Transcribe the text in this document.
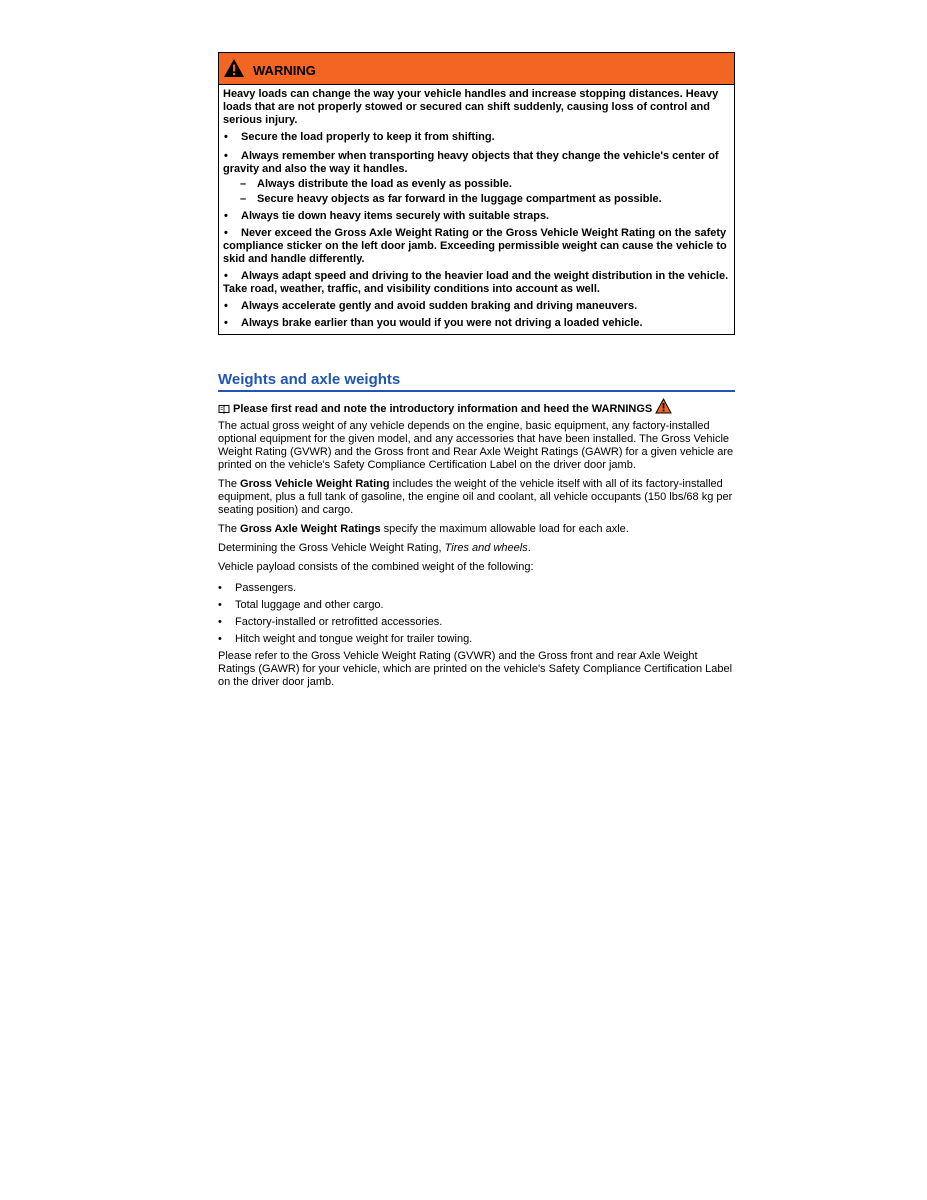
WARNING

Heavy loads can change the way your vehicle handles and increase stopping distances. Heavy loads that are not properly stowed or secured can shift suddenly, causing loss of control and serious injury.

• Secure the load properly to keep it from shifting.

• Always remember when transporting heavy objects that they change the vehicle's center of gravity and also the way it handles.

– Always distribute the load as evenly as possible.

– Secure heavy objects as far forward in the luggage compartment as possible.

• Always tie down heavy items securely with suitable straps.

• Never exceed the Gross Axle Weight Rating or the Gross Vehicle Weight Rating on the safety compliance sticker on the left door jamb. Exceeding permissible weight can cause the vehicle to skid and handle differently.

• Always adapt speed and driving to the heavier load and the weight distribution in the vehicle. Take road, weather, traffic, and visibility conditions into account as well.

• Always accelerate gently and avoid sudden braking and driving maneuvers.

• Always brake earlier than you would if you were not driving a loaded vehicle.

Weights and axle weights
Please first read and note the introductory information and heed the WARNINGS

The actual gross weight of any vehicle depends on the engine, basic equipment, any factory-installed optional equipment for the given model, and any accessories that have been installed. The Gross Vehicle Weight Rating (GVWR) and the Gross front and Rear Axle Weight Ratings (GAWR) for a given vehicle are printed on the vehicle's Safety Compliance Certification Label on the driver door jamb.

The Gross Vehicle Weight Rating includes the weight of the vehicle itself with all of its factory-installed equipment, plus a full tank of gasoline, the engine oil and coolant, all vehicle occupants (150 lbs/68 kg per seating position) and cargo.

The Gross Axle Weight Ratings specify the maximum allowable load for each axle.

Determining the Gross Vehicle Weight Rating, Tires and wheels.

Vehicle payload consists of the combined weight of the following:

•	Passengers.
•	Total luggage and other cargo.
•	Factory-installed or retrofitted accessories.
•	Hitch weight and tongue weight for trailer towing.

Please refer to the Gross Vehicle Weight Rating (GVWR) and the Gross front and rear Axle Weight Ratings (GAWR) for your vehicle, which are printed on the vehicle's Safety Compliance Certification Label on the driver door jamb.
